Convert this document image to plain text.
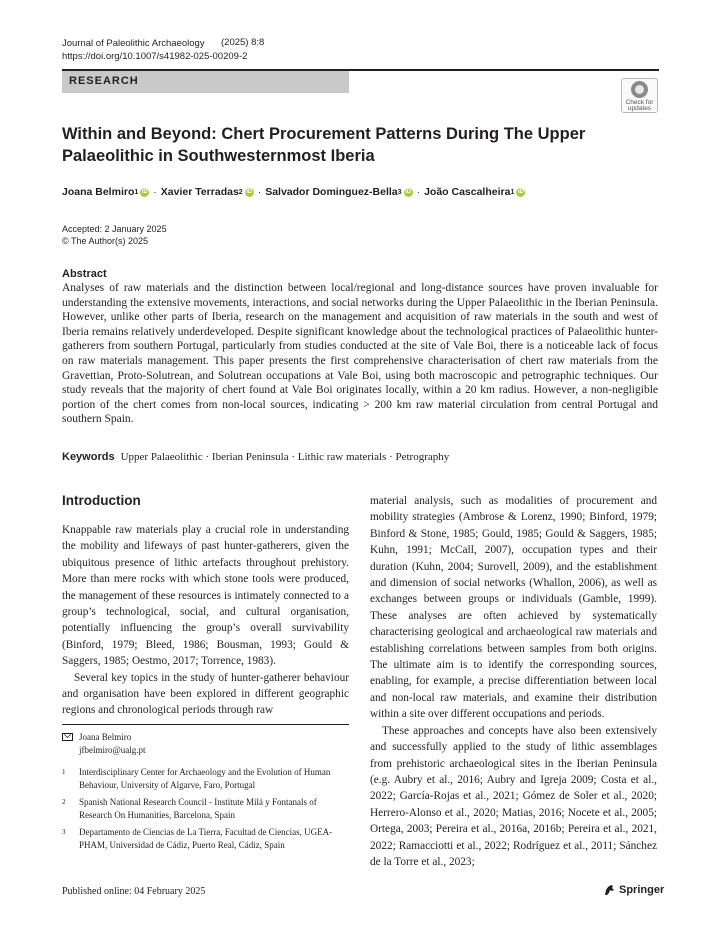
Journal of Paleolithic Archaeology (2025) 8:8
https://doi.org/10.1007/s41982-025-00209-2
RESEARCH
Check for
updates
Within and Beyond: Chert Procurement Patterns During The Upper Palaeolithic in Southwesternmost Iberia
Joana Belmiro 1 iD · Xavier Terradas 2 iD · Salvador Dominguez-Bella 3 iD · João Cascalheira 1 iD
Accepted: 2 January 2025
© The Author(s) 2025
Abstract
Analyses of raw materials and the distinction between local/regional and long-distance sources have proven invaluable for understanding the extensive movements, interactions, and social networks during the Upper Palaeolithic in the Iberian Peninsula. However, unlike other parts of Iberia, research on the management and acquisition of raw materials in the south and west of Iberia remains relatively underdeveloped. Despite significant knowledge about the technological practices of Palaeolithic hunter-gatherers from southern Portugal, particularly from studies conducted at the site of Vale Boi, there is a noticeable lack of focus on raw materials management. This paper presents the first comprehensive characterisation of chert raw materials from the Gravettian, Proto-Solutrean, and Solutrean occupations at Vale Boi, using both macroscopic and petrographic techniques. Our study reveals that the majority of chert found at Vale Boi originates locally, within a 20 km radius. However, a non-negligible portion of the chert comes from non-local sources, indicating > 200 km raw material circulation from central Portugal and southern Spain.
Keywords Upper Palaeolithic · Iberian Peninsula · Lithic raw materials · Petrography
Introduction

Knappable raw materials play a crucial role in understanding the mobility and lifeways of past hunter-gatherers, given the ubiquitous presence of lithic artefacts throughout prehistory. More than mere rocks with which stone tools were produced, the management of these resources is intimately connected to a group’s technological, social, and cultural organisation, potentially influencing the group’s overall survivability (Binford, 1979; Bleed, 1986; Bousman, 1993; Gould & Saggers, 1985; Oestmo, 2017; Torrence, 1983).

Several key topics in the study of hunter-gatherer behaviour and organisation have been explored in different geographic regions and chronological periods through raw

material analysis, such as modalities of procurement and mobility strategies (Ambrose & Lorenz, 1990; Binford, 1979; Binford & Stone, 1985; Gould, 1985; Gould & Saggers, 1985; Kuhn, 1991; McCall, 2007), occupation types and their duration (Kuhn, 2004; Surovell, 2009), and the establishment and dimension of social networks (Whallon, 2006), as well as exchanges between groups or individuals (Gamble, 1999). These analyses are often achieved by systematically characterising geological and archaeological raw materials and establishing correlations between samples from both origins. The ultimate aim is to identify the corresponding sources, enabling, for example, a precise differentiation between local and non-local raw materials, and examine their distribution within a site over different occupations and periods.

These approaches and concepts have also been extensively and successfully applied to the study of lithic assemblages from prehistoric archaeological sites in the Iberian Peninsula (e.g. Aubry et al., 2016; Aubry and Igreja 2009; Costa et al., 2022; García-Rojas et al., 2021; Gómez de Soler et al., 2020; Herrero-Alonso et al., 2020; Matias, 2016; Nocete et al., 2005; Ortega, 2003; Pereira et al., 2016a, 2016b; Pereira et al., 2021, 2022; Ramacciotti et al., 2022; Rodríguez et al., 2011; Sánchez de la Torre et al., 2023;

Joana Belmiro
jfbelmiro@ualg.pt
1 Interdisciplinary Center for Archaeology and the Evolution of Human Behaviour, University of Algarve, Faro, Portugal
2 Spanish National Research Council - Institute Milá y Fontanals of Research On Humanities, Barcelona, Spain
3 Departamento de Ciencias de La Tierra, Facultad de Ciencias, UGEA-PHAM, Universidad de Cádiz, Puerto Real, Cádiz, Spain
Published online: 04 February 2025	Springer
